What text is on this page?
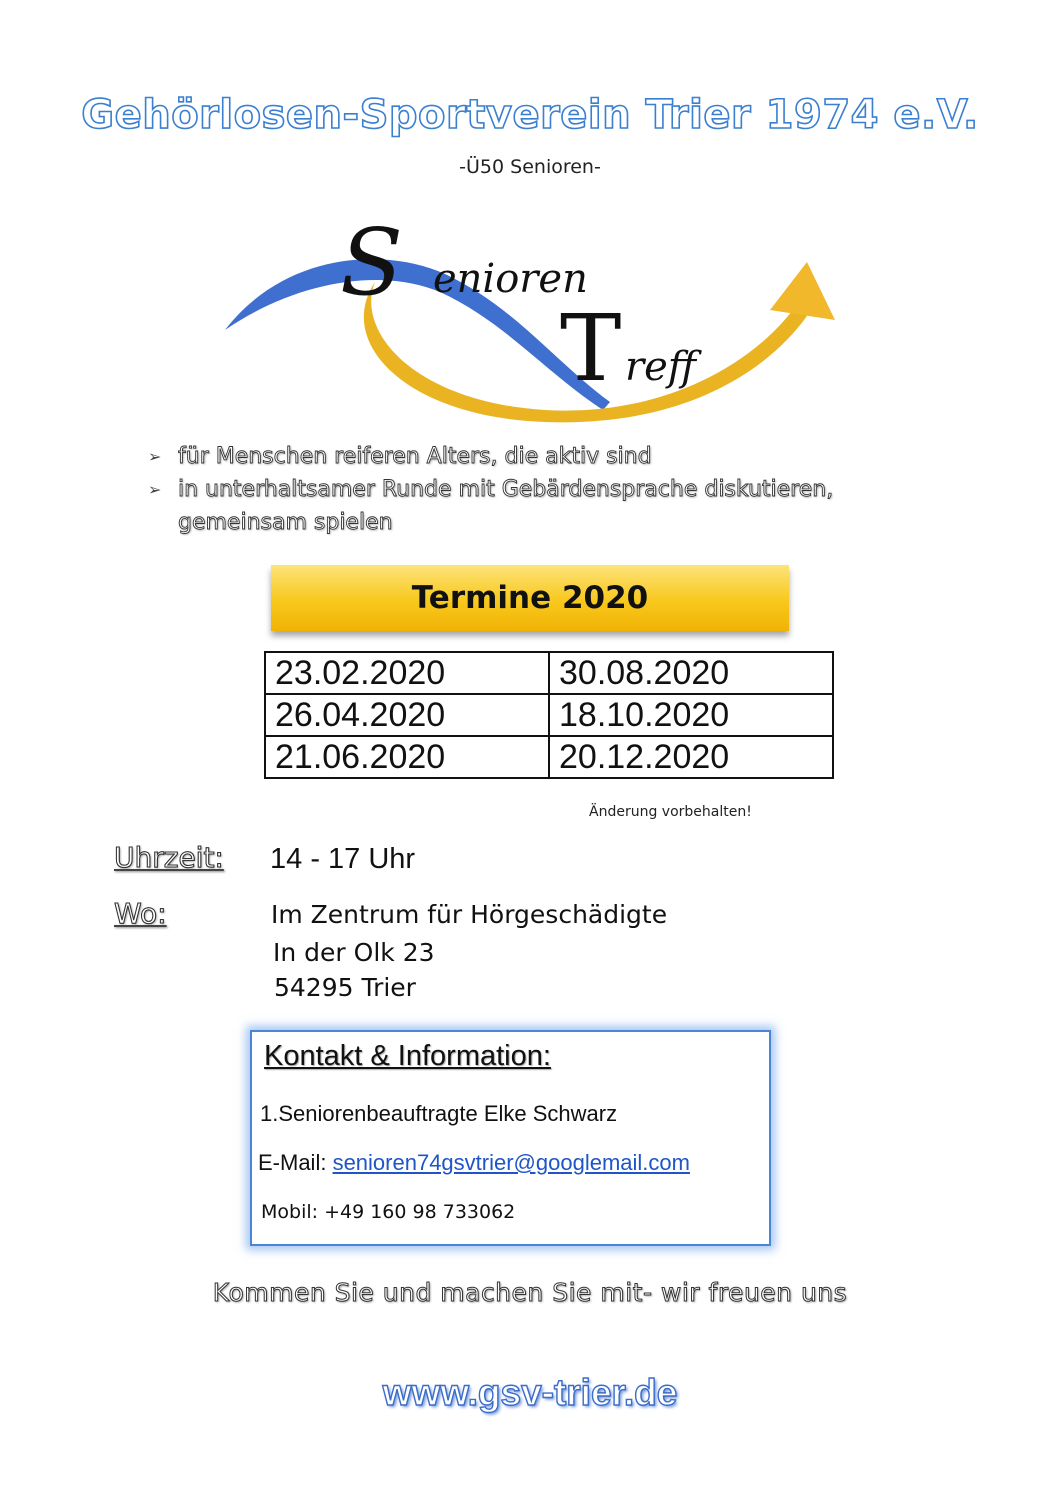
Gehörlosen-Sportverein Trier 1974 e.V.
-Ü50 Senioren-
S enioren
T reff
➢ für Menschen reiferen Alters, die aktiv sind
➢ in unterhaltsamer Runde mit Gebärdensprache diskutieren, gemeinsam spielen
Termine 2020
23.02.2020	30.08.2020
26.04.2020	18.10.2020
21.06.2020	20.12.2020
Änderung vorbehalten!
Uhrzeit: 14 - 17 Uhr
Wo:	Im Zentrum für Hörgeschädigte
In der Olk 23
54295 Trier
Kontakt & Information:
1.Seniorenbeauftragte Elke Schwarz
E-Mail: senioren74gsvtrier@googlemail.com
Mobil: +49 160 98 733062
Kommen Sie und machen Sie mit- wir freuen uns
www.gsv-trier.de
